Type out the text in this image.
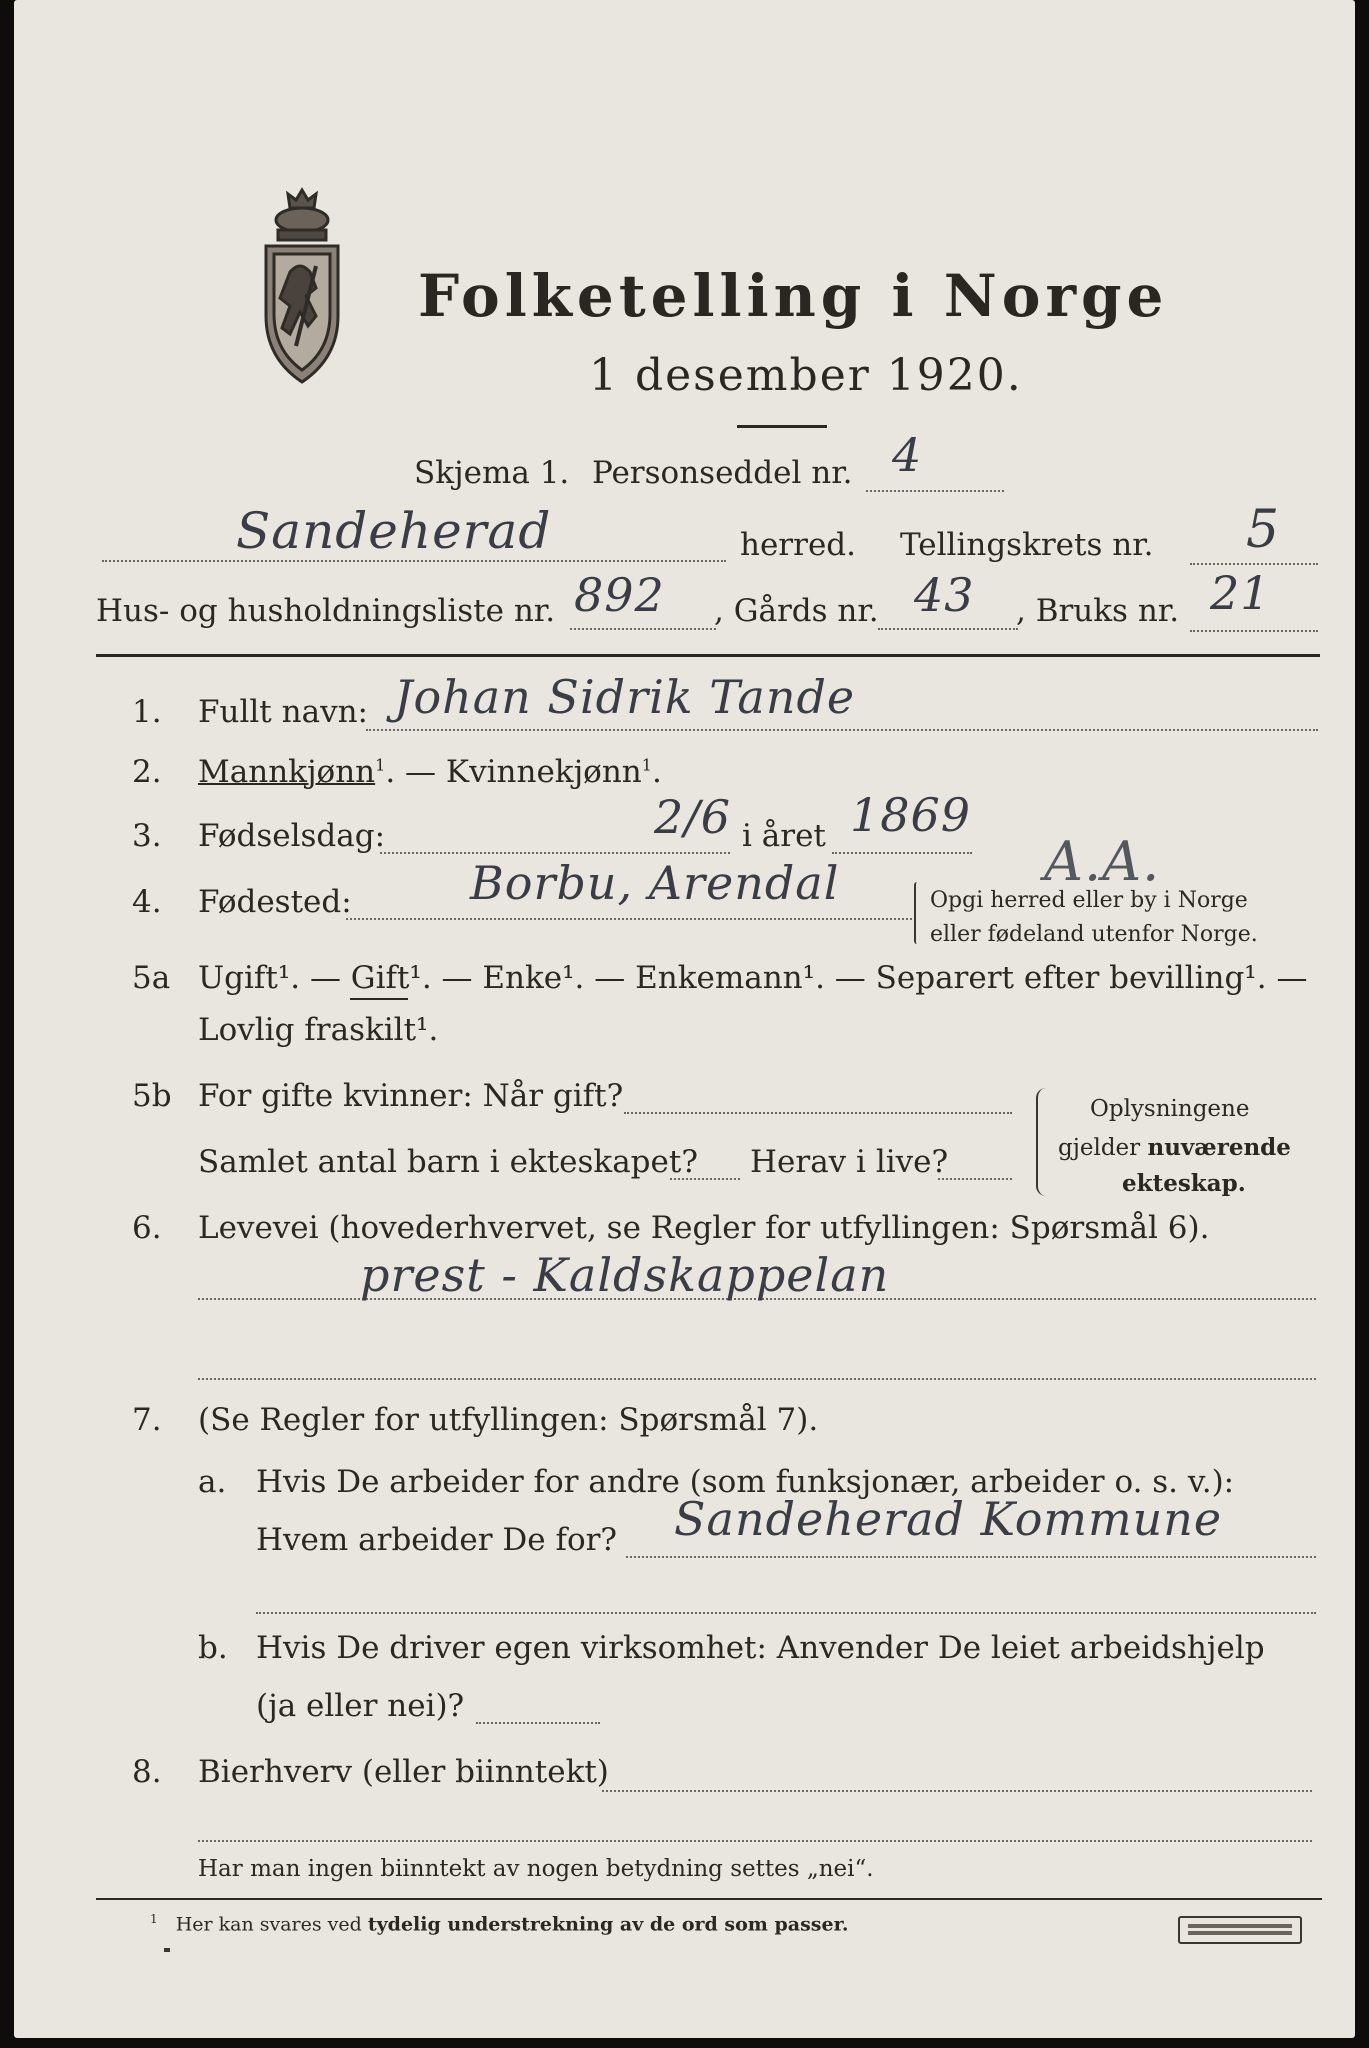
Folketelling i Norge
1 desember 1920.
Skjema 1. Personseddel nr. 4
Sandeherad	herred. Tellingskrets nr. 5
Hus- og husholdningsliste nr. 892 , Gårds nr. 43 , Bruks nr. 21
1. Fullt navn: Johan Sidrik Tande
2. Mannkjønn$^1$. — Kvinnekjønn$^1$.
3. Fødselsdag:	2/6 i året 1869
4. Fødested:	Borbu, Arendal	A.A.
Opgi herred eller by i Norge
eller fødeland utenfor Norge.
5a Ugift¹. — Gift¹. — Enke¹. — Enkemann¹. — Separert efter bevilling¹. —
Lovlig fraskilt¹.
5b For gifte kvinner: Når gift?
Samlet antal barn i ekteskapet? Herav i live?
Oplysningene
gjelder nuværende
ekteskap.
6. Levevei (hovederhvervet, se Regler for utfyllingen: Spørsmål 6).
prest - Kaldskappelan
7. (Se Regler for utfyllingen: Spørsmål 7).
a. Hvis De arbeider for andre (som funksjonær, arbeider o. s. v.):
Hvem arbeider De for? Sandeherad Kommune
b. Hvis De driver egen virksomhet: Anvender De leiet arbeidshjelp
(ja eller nei)?
8. Bierhverv (eller biinntekt)
Har man ingen biinntekt av nogen betydning settes „nei“.
$^1$ Her kan svares ved tydelig understrekning av de ord som passer.
